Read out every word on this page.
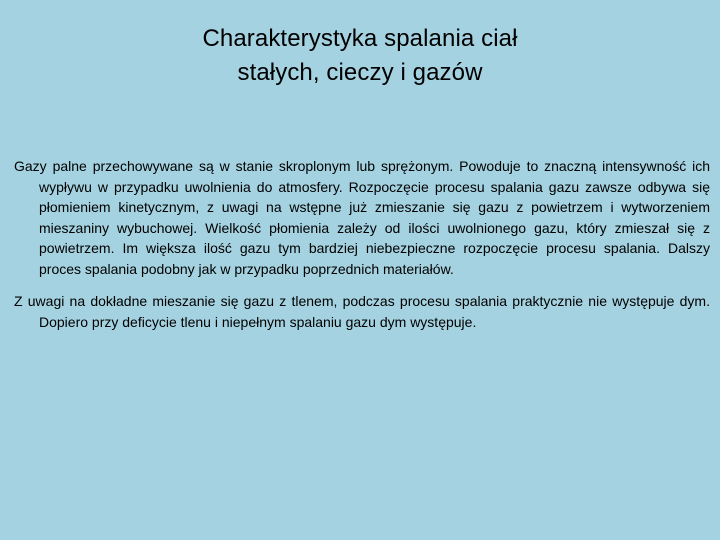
Charakterystyka spalania ciał
stałych, cieczy i gazów

Gazy palne przechowywane są w stanie skroplonym lub sprężonym. Powoduje to znaczną intensywność ich wypływu w przypadku uwolnienia do atmosfery. Rozpoczęcie procesu spalania gazu zawsze odbywa się płomieniem kinetycznym, z uwagi na wstępne już zmieszanie się gazu z powietrzem i wytworzeniem mieszaniny wybuchowej. Wielkość płomienia zależy od ilości uwolnionego gazu, który zmieszał się z powietrzem. Im większa ilość gazu tym bardziej niebezpieczne rozpoczęcie procesu spalania. Dalszy proces spalania podobny jak w przypadku poprzednich materiałów.

Z uwagi na dokładne mieszanie się gazu z tlenem, podczas procesu spalania praktycznie nie występuje dym. Dopiero przy deficycie tlenu i niepełnym spalaniu gazu dym występuje.
